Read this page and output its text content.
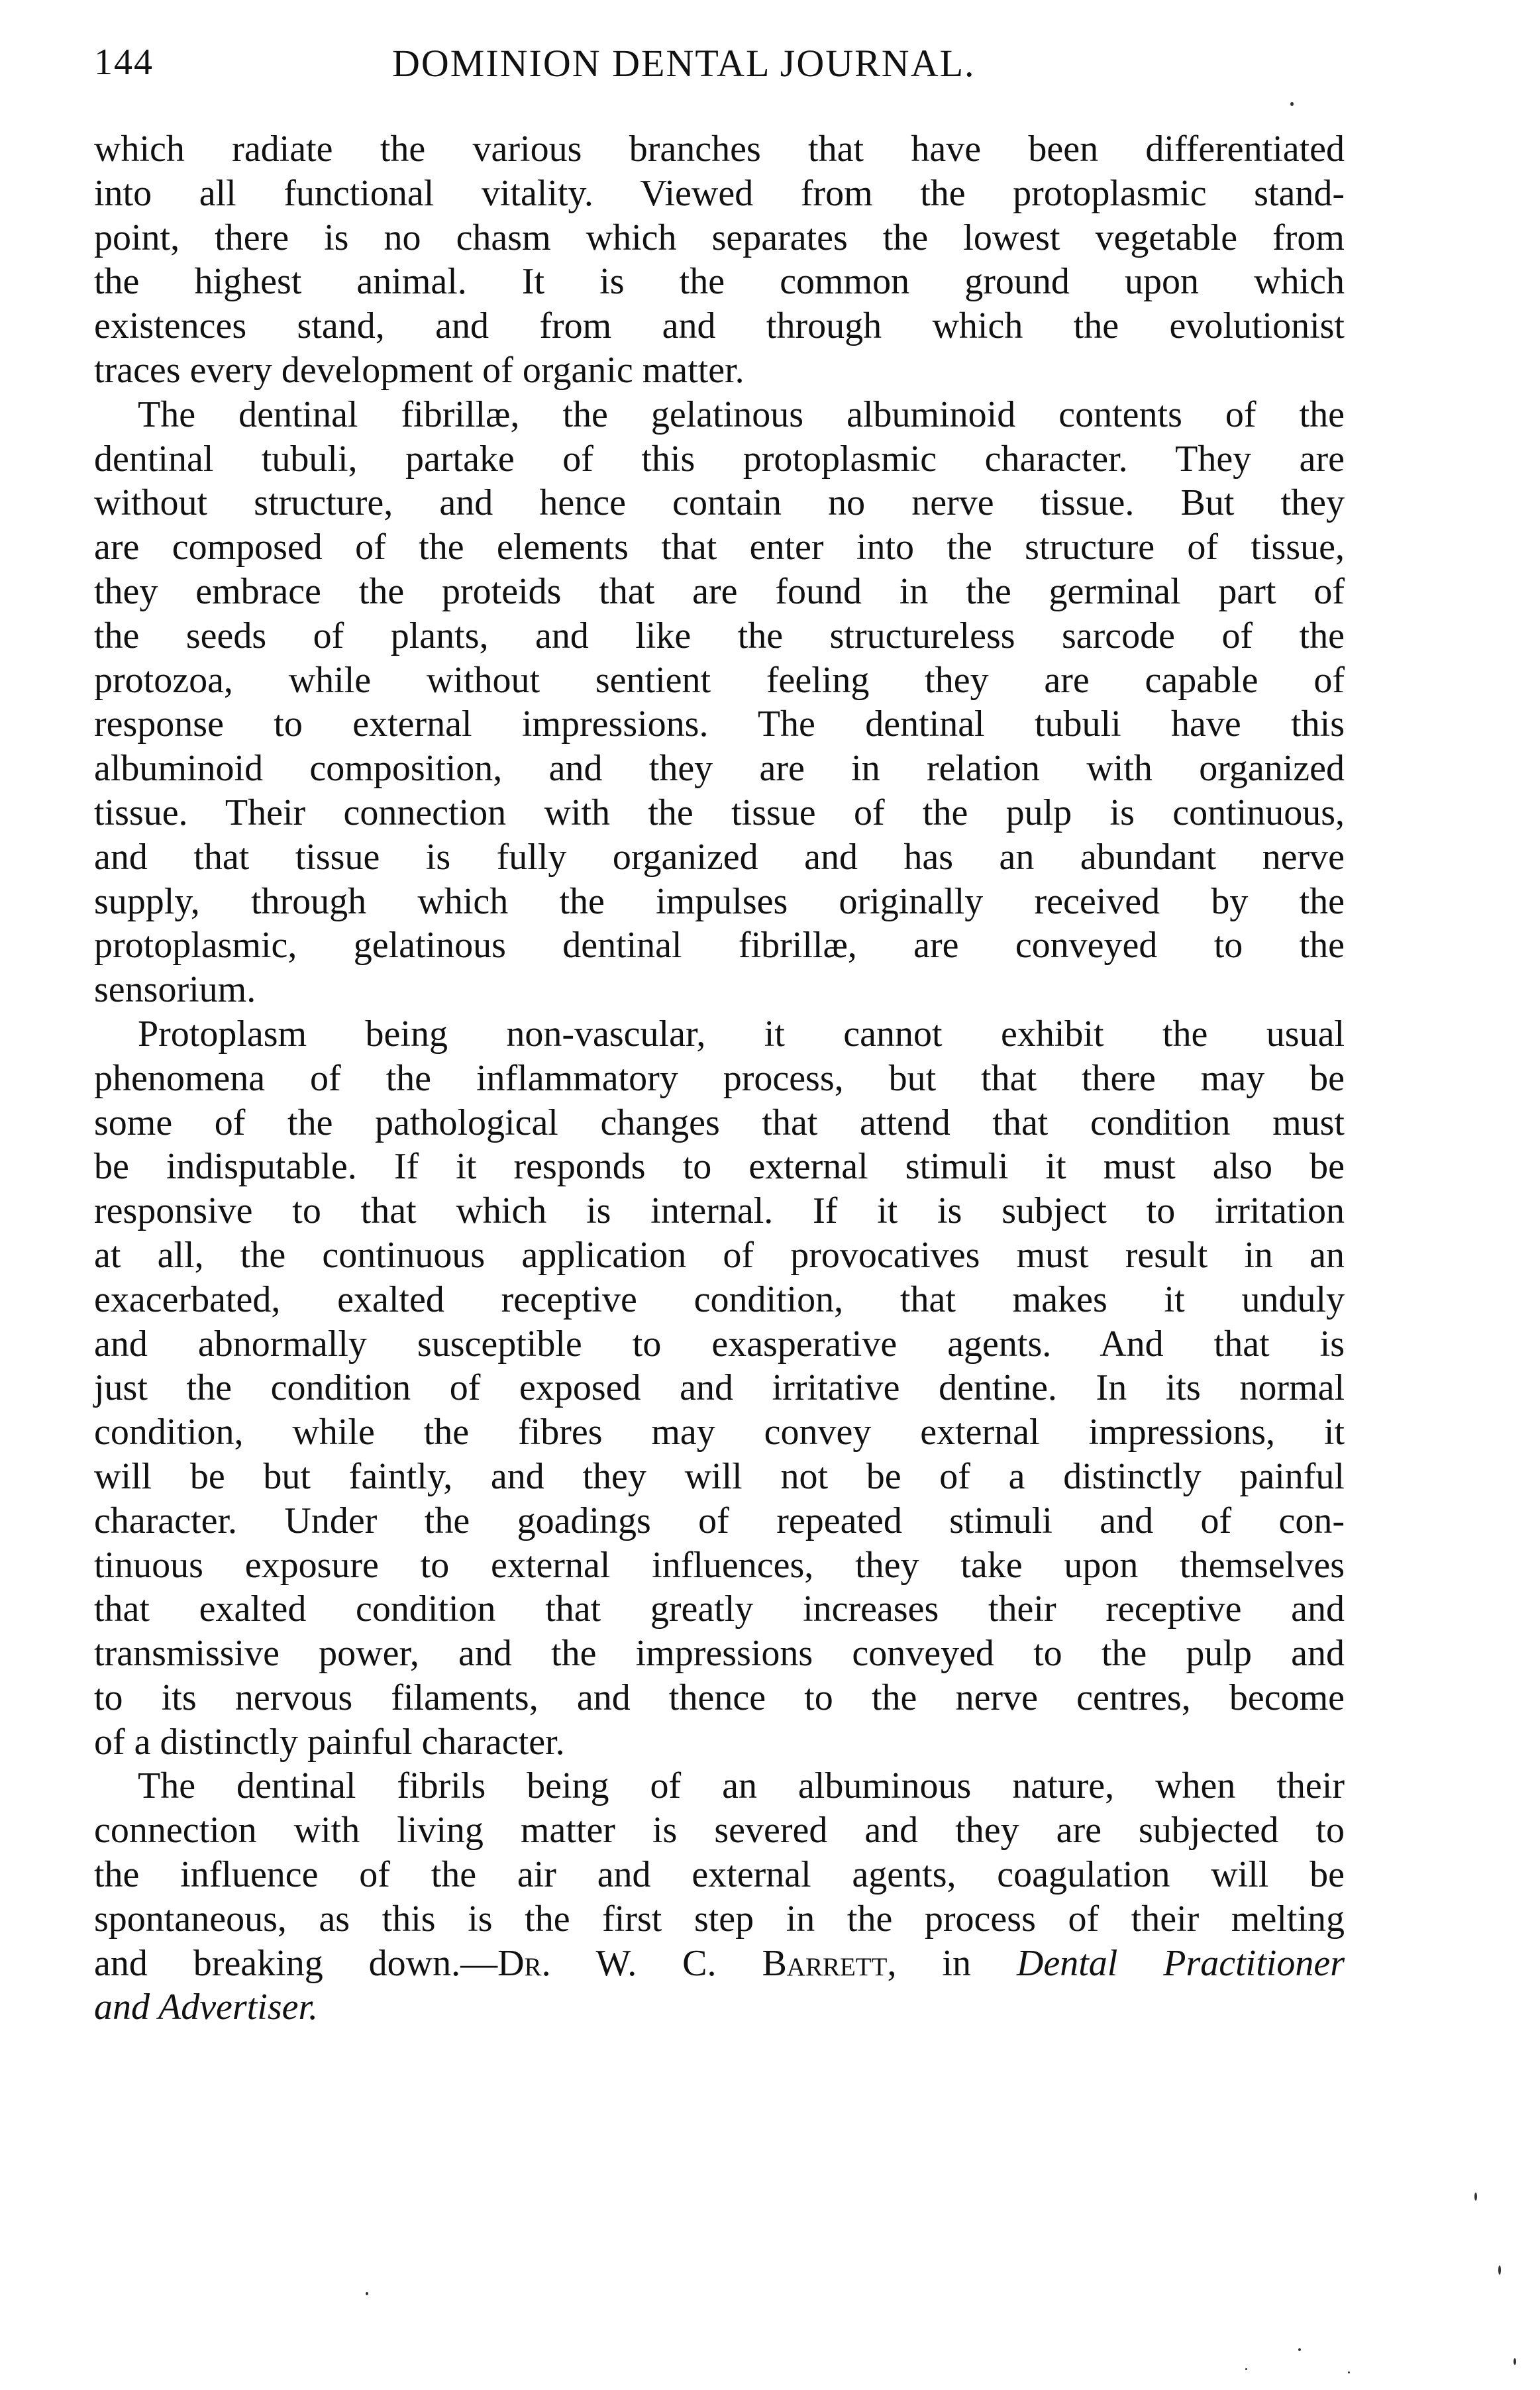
144	DOMINION DENTAL JOURNAL.
which radiate the various branches that have been differentiated
into all functional vitality. Viewed from the protoplasmic stand-
point, there is no chasm which separates the lowest vegetable from
the highest animal. It is the common ground upon which
existences stand, and from and through which the evolutionist
traces every development of organic matter.
The dentinal fibrillæ, the gelatinous albuminoid contents of the
dentinal tubuli, partake of this protoplasmic character. They are
without structure, and hence contain no nerve tissue. But they
are composed of the elements that enter into the structure of tissue,
they embrace the proteids that are found in the germinal part of
the seeds of plants, and like the structureless sarcode of the
protozoa, while without sentient feeling they are capable of
response to external impressions. The dentinal tubuli have this
albuminoid composition, and they are in relation with organized
tissue. Their connection with the tissue of the pulp is continuous,
and that tissue is fully organized and has an abundant nerve
supply, through which the impulses originally received by the
protoplasmic, gelatinous dentinal fibrillæ, are conveyed to the
sensorium.
Protoplasm being non-vascular, it cannot exhibit the usual
phenomena of the inflammatory process, but that there may be
some of the pathological changes that attend that condition must
be indisputable. If it responds to external stimuli it must also be
responsive to that which is internal. If it is subject to irritation
at all, the continuous application of provocatives must result in an
exacerbated, exalted receptive condition, that makes it unduly
and abnormally susceptible to exasperative agents. And that is
just the condition of exposed and irritative dentine. In its normal
condition, while the fibres may convey external impressions, it
will be but faintly, and they will not be of a distinctly painful
character. Under the goadings of repeated stimuli and of con-
tinuous exposure to external influences, they take upon themselves
that exalted condition that greatly increases their receptive and
transmissive power, and the impressions conveyed to the pulp and
to its nervous filaments, and thence to the nerve centres, become
of a distinctly painful character.
The dentinal fibrils being of an albuminous nature, when their
connection with living matter is severed and they are subjected to
the influence of the air and external agents, coagulation will be
spontaneous, as this is the first step in the process of their melting
and breaking down.—Dr. W. C. Barrett, in Dental Practitioner
and Advertiser.
